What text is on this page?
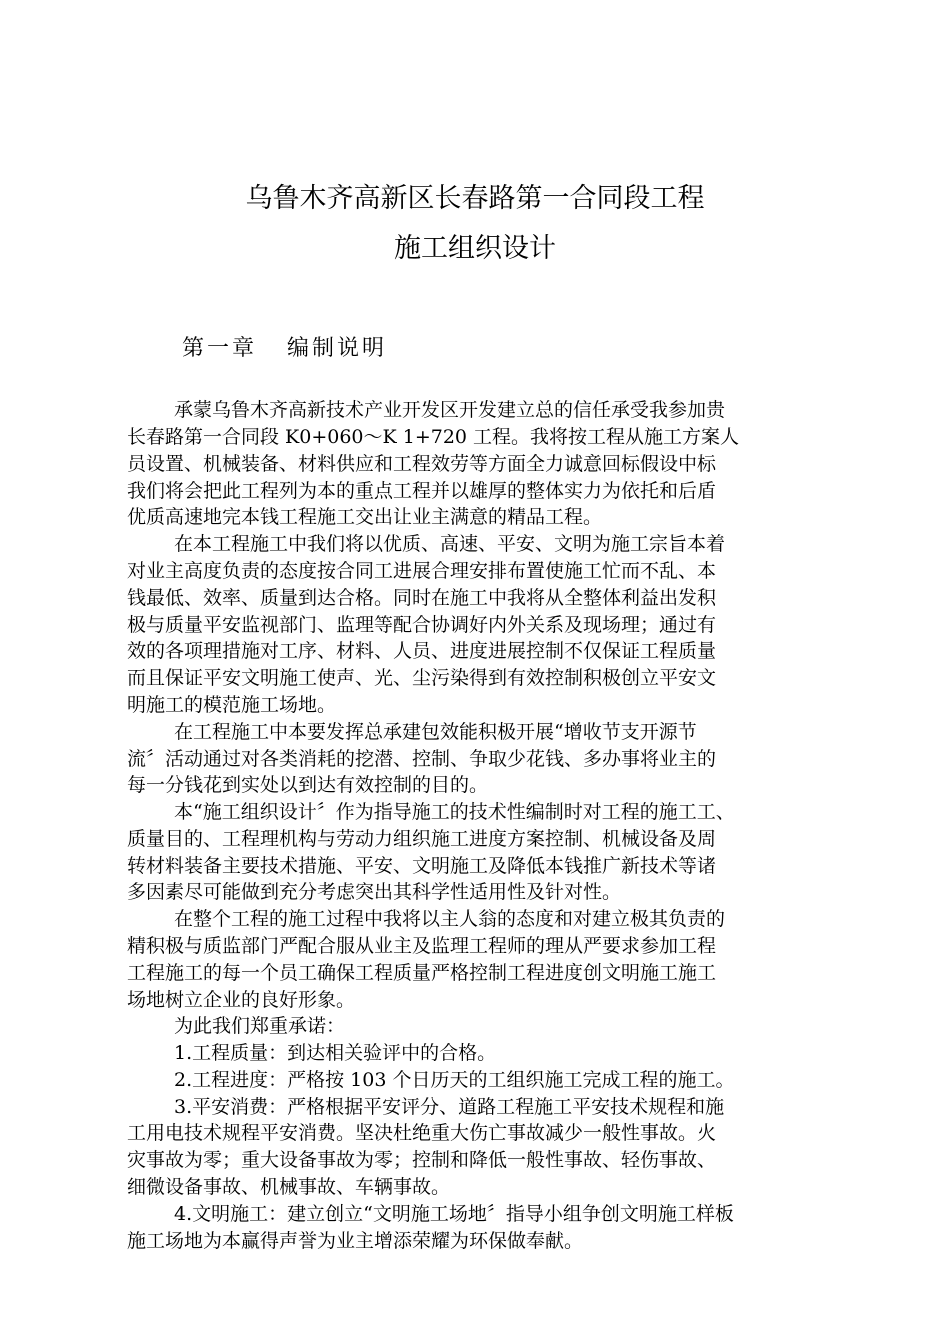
乌鲁木齐高新区长春路第一合同段工程
施工组织设计
第一章   编制说明
承蒙乌鲁木齐高新技术产业开发区开发建立总的信任承受我参加贵
长春路第一合同段 K0+060～K 1+720 工程。我将按工程从施工方案人
员设置、机械装备、材料供应和工程效劳等方面全力诚意回标假设中标
我们将会把此工程列为本的重点工程并以雄厚的整体实力为依托和后盾
优质高速地完本钱工程施工交出让业主满意的精品工程。
在本工程施工中我们将以优质、高速、平安、文明为施工宗旨本着
对业主高度负责的态度按合同工进展合理安排布置使施工忙而不乱、本
钱最低、效率、质量到达合格。同时在施工中我将从全整体利益出发积
极与质量平安监视部门、监理等配合协调好内外关系及现场理；通过有
效的各项理措施对工序、材料、人员、进度进展控制不仅保证工程质量
而且保证平安文明施工使声、光、尘污染得到有效控制积极创立平安文
明施工的模范施工场地。
在工程施工中本要发挥总承建包效能积极开展“增收节支开源节
流〞活动通过对各类消耗的挖潜、控制、争取少花钱、多办事将业主的
每一分钱花到实处以到达有效控制的目的。
本“施工组织设计〞作为指导施工的技术性编制时对工程的施工工、
质量目的、工程理机构与劳动力组织施工进度方案控制、机械设备及周
转材料装备主要技术措施、平安、文明施工及降低本钱推广新技术等诸
多因素尽可能做到充分考虑突出其科学性适用性及针对性。
在整个工程的施工过程中我将以主人翁的态度和对建立极其负责的
精积极与质监部门严配合服从业主及监理工程师的理从严要求参加工程
工程施工的每一个员工确保工程质量严格控制工程进度创文明施工施工
场地树立企业的良好形象。
为此我们郑重承诺：
1.工程质量：到达相关验评中的合格。
2.工程进度：严格按 103 个日历天的工组织施工完成工程的施工。
3.平安消费：严格根据平安评分、道路工程施工平安技术规程和施
工用电技术规程平安消费。坚决杜绝重大伤亡事故减少一般性事故。火
灾事故为零；重大设备事故为零；控制和降低一般性事故、轻伤事故、
细微设备事故、机械事故、车辆事故。
4.文明施工：建立创立“文明施工场地〞指导小组争创文明施工样板
施工场地为本赢得声誉为业主增添荣耀为环保做奉献。
